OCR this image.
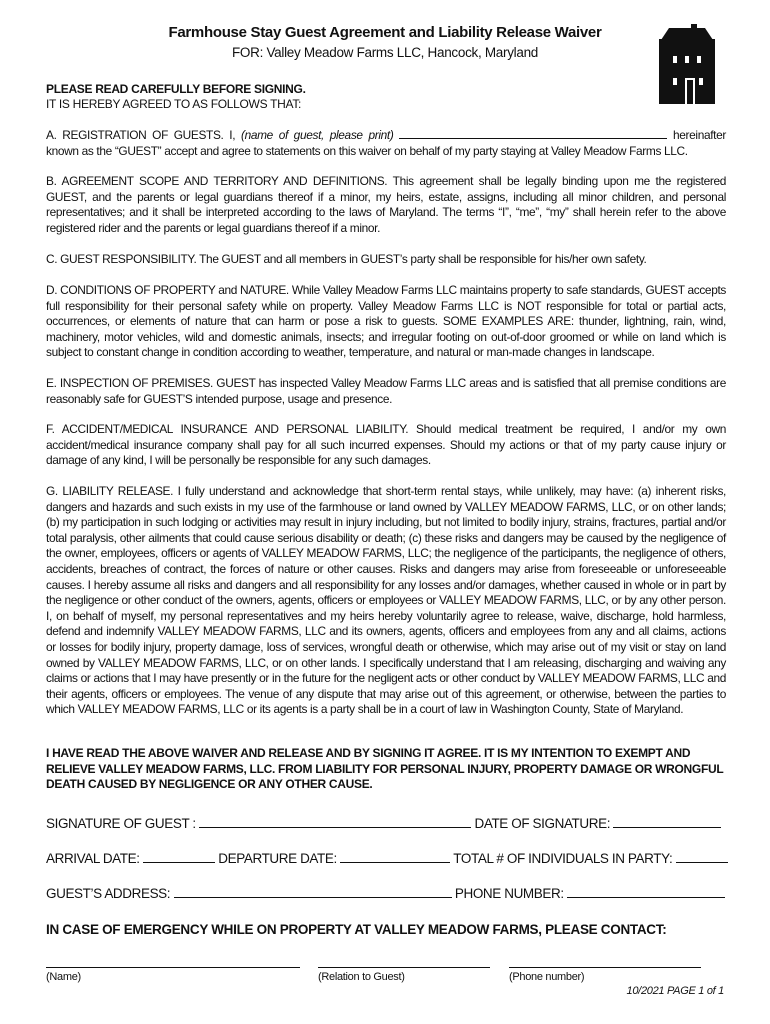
Farmhouse Stay Guest Agreement and Liability Release Waiver
FOR: Valley Meadow Farms LLC, Hancock, Maryland
PLEASE READ CAREFULLY BEFORE SIGNING.
IT IS HEREBY AGREED TO AS FOLLOWS THAT:
A. REGISTRATION OF GUESTS. I, (name of guest, please print)	hereinafter known as the “GUEST” accept and agree to statements on this waiver on behalf of my party staying at Valley Meadow Farms LLC.
B. AGREEMENT SCOPE AND TERRITORY AND DEFINITIONS. This agreement shall be legally binding upon me the registered GUEST, and the parents or legal guardians thereof if a minor, my heirs, estate, assigns, including all minor children, and personal representatives; and it shall be interpreted according to the laws of Maryland. The terms “I”, “me”, “my” shall herein refer to the above registered rider and the parents or legal guardians thereof if a minor.
C. GUEST RESPONSIBILITY. The GUEST and all members in GUEST’s party shall be responsible for his/her own safety.
D. CONDITIONS OF PROPERTY and NATURE. While Valley Meadow Farms LLC maintains property to safe standards, GUEST accepts full responsibility for their personal safety while on property. Valley Meadow Farms LLC is NOT responsible for total or partial acts, occurrences, or elements of nature that can harm or pose a risk to guests. SOME EXAMPLES ARE: thunder, lightning, rain, wind, machinery, motor vehicles, wild and domestic animals, insects; and irregular footing on out-of-door groomed or while on land which is subject to constant change in condition according to weather, temperature, and natural or man-made changes in landscape.
E. INSPECTION OF PREMISES. GUEST has inspected Valley Meadow Farms LLC areas and is satisfied that all premise conditions are reasonably safe for GUEST’S intended purpose, usage and presence.
F. ACCIDENT/MEDICAL INSURANCE AND PERSONAL LIABILITY. Should medical treatment be required, I and/or my own accident/medical insurance company shall pay for all such incurred expenses. Should my actions or that of my party cause injury or damage of any kind, I will be personally be responsible for any such damages.
G. LIABILITY RELEASE. I fully understand and acknowledge that short-term rental stays, while unlikely, may have: (a) inherent risks, dangers and hazards and such exists in my use of the farmhouse or land owned by VALLEY MEADOW FARMS, LLC, or on other lands; (b) my participation in such lodging or activities may result in injury including, but not limited to bodily injury, strains, fractures, partial and/or total paralysis, other ailments that could cause serious disability or death; (c) these risks and dangers may be caused by the negligence of the owner, employees, officers or agents of VALLEY MEADOW FARMS, LLC; the negligence of the participants, the negligence of others, accidents, breaches of contract, the forces of nature or other causes. Risks and dangers may arise from foreseeable or unforeseeable causes. I hereby assume all risks and dangers and all responsibility for any losses and/or damages, whether caused in whole or in part by the negligence or other conduct of the owners, agents, officers or employees or VALLEY MEADOW FARMS, LLC, or by any other person. I, on behalf of myself, my personal representatives and my heirs hereby voluntarily agree to release, waive, discharge, hold harmless, defend and indemnify VALLEY MEADOW FARMS, LLC and its owners, agents, officers and employees from any and all claims, actions or losses for bodily injury, property damage, loss of services, wrongful death or otherwise, which may arise out of my visit or stay on land owned by VALLEY MEADOW FARMS, LLC, or on other lands. I specifically understand that I am releasing, discharging and waiving any claims or actions that I may have presently or in the future for the negligent acts or other conduct by VALLEY MEADOW FARMS, LLC and their agents, officers or employees. The venue of any dispute that may arise out of this agreement, or otherwise, between the parties to which VALLEY MEADOW FARMS, LLC or its agents is a party shall be in a court of law in Washington County, State of Maryland.
I HAVE READ THE ABOVE WAIVER AND RELEASE AND BY SIGNING IT AGREE. IT IS MY INTENTION TO EXEMPT AND RELIEVE VALLEY MEADOW FARMS, LLC. FROM LIABILITY FOR PERSONAL INJURY, PROPERTY DAMAGE OR WRONGFUL DEATH CAUSED BY NEGLIGENCE OR ANY OTHER CAUSE.
SIGNATURE OF GUEST :	DATE OF SIGNATURE:
ARRIVAL DATE:	DEPARTURE DATE:	TOTAL # OF INDIVIDUALS IN PARTY:
GUEST’S ADDRESS:	PHONE NUMBER:
IN CASE OF EMERGENCY WHILE ON PROPERTY AT VALLEY MEADOW FARMS, PLEASE CONTACT:
(Name)	(Relation to Guest)	(Phone number)
10/2021 PAGE 1 of 1
